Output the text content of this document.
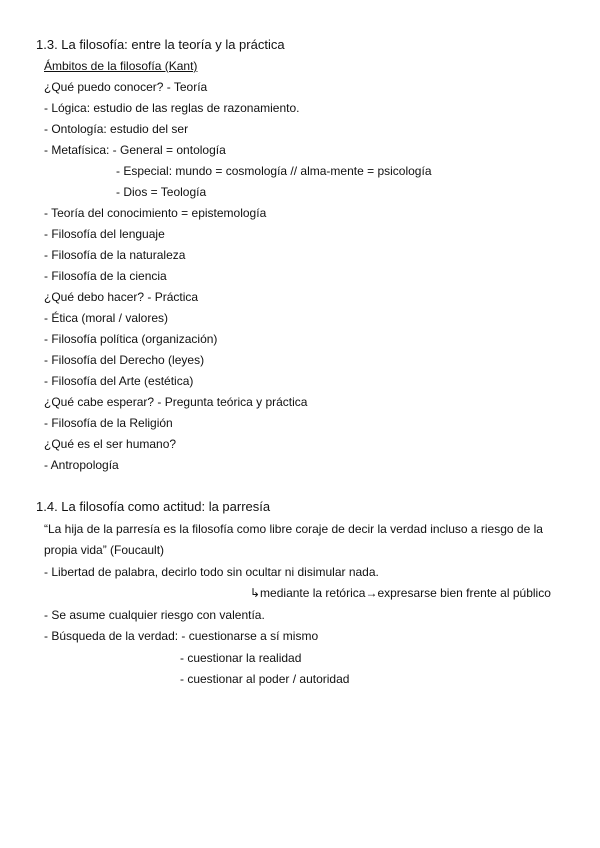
1.3. La filosofía: entre la teoría y la práctica
Ámbitos de la filosofía (Kant)
¿Qué puedo conocer? - Teoría
- Lógica: estudio de las reglas de razonamiento.
- Ontología: estudio del ser
- Metafísica: - General = ontología
- Especial: mundo = cosmología // alma-mente = psicología
- Dios = Teología
- Teoría del conocimiento = epistemología
- Filosofía del lenguaje
- Filosofía de la naturaleza
- Filosofía de la ciencia
¿Qué debo hacer? - Práctica
- Ética (moral / valores)
- Filosofía política (organización)
- Filosofía del Derecho (leyes)
- Filosofía del Arte (estética)
¿Qué cabe esperar? - Pregunta teórica y práctica
- Filosofía de la Religión
¿Qué es el ser humano?
- Antropología
1.4. La filosofía como actitud: la parresía
“La hija de la parresía es la filosofía como libre coraje de decir la verdad incluso a riesgo de la
propia vida” (Foucault)
- Libertad de palabra, decirlo todo sin ocultar ni disimular nada.
↳mediante la retórica→expresarse bien frente al público
- Se asume cualquier riesgo con valentía.
- Búsqueda de la verdad: - cuestionarse a sí mismo
- cuestionar la realidad
- cuestionar al poder / autoridad
